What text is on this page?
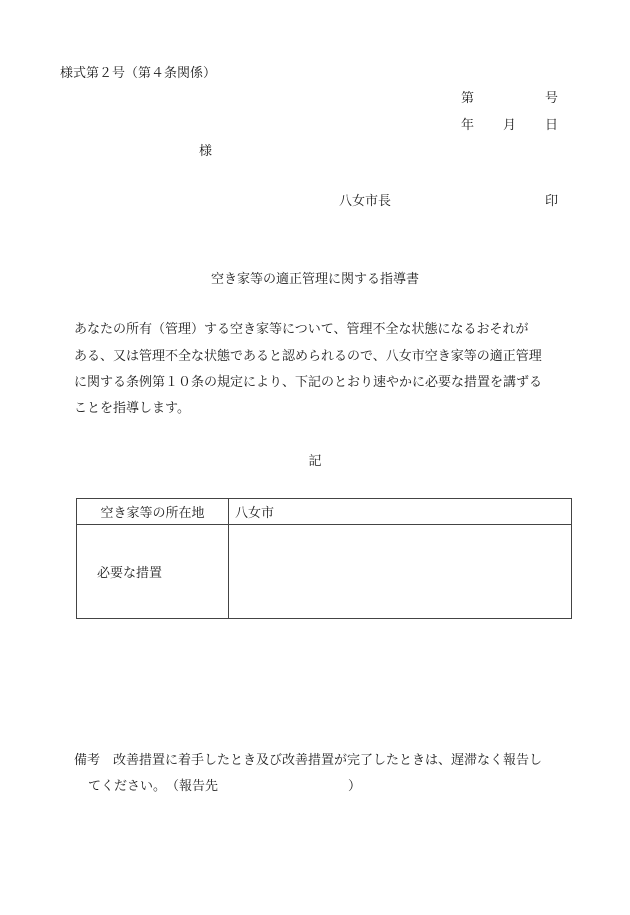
様式第２号（第４条関係）
第	号
年 月 日
様
八女市長	印
空き家等の適正管理に関する指導書
あなたの所有（管理）する空き家等について、管理不全な状態になるおそれが
ある、又は管理不全な状態であると認められるので、八女市空き家等の適正管理
に関する条例第１０条の規定により、下記のとおり速やかに必要な措置を講ずる
ことを指導します。
記
空き家等の所在地	八女市
必要な措置	
備考　改善措置に着手したとき及び改善措置が完了したときは、遅滞なく報告し
てください。　（報告先　　　　　　　　　　）
